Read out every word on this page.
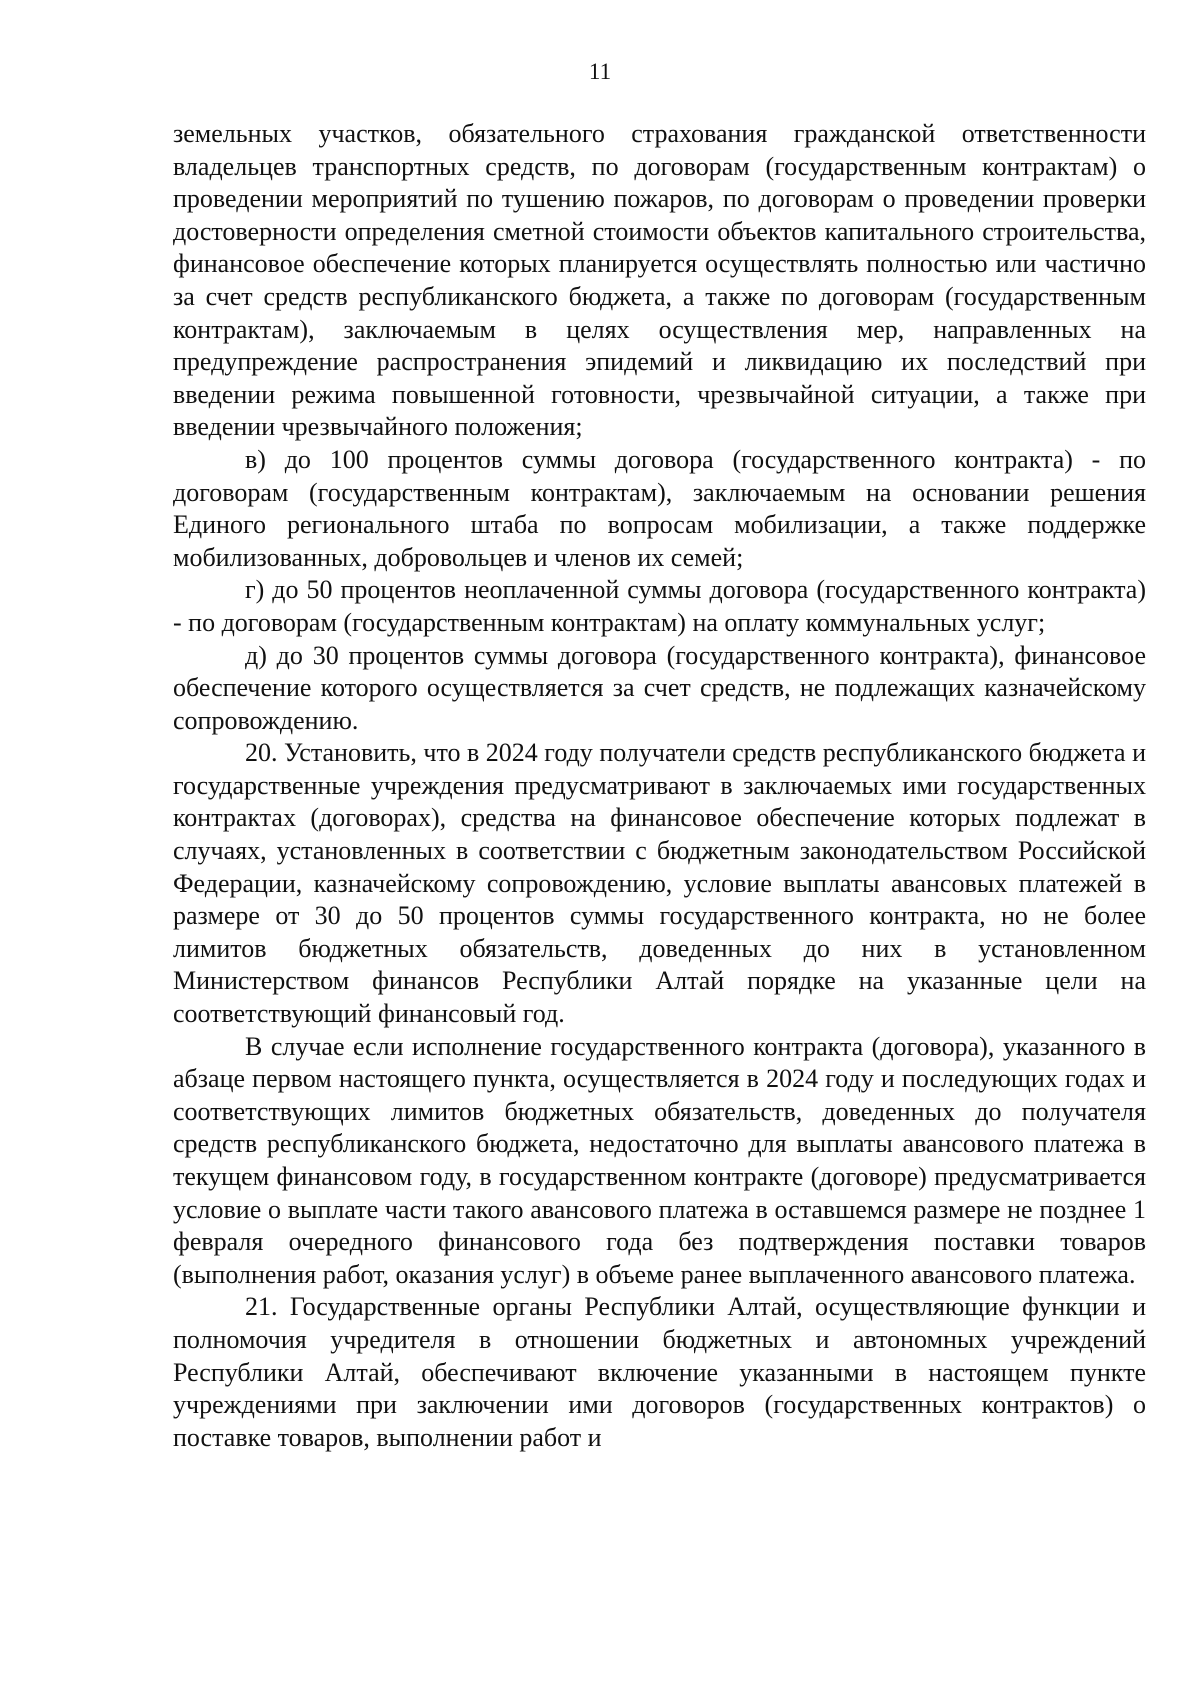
11

земельных участков, обязательного страхования гражданской ответственности владельцев транспортных средств, по договорам (государственным контрактам) о проведении мероприятий по тушению пожаров, по договорам о проведении проверки достоверности определения сметной стоимости объектов капитального строительства, финансовое обеспечение которых планируется осуществлять полностью или частично за счет средств республиканского бюджета, а также по договорам (государственным контрактам), заключаемым в целях осуществления мер, направленных на предупреждение распространения эпидемий и ликвидацию их последствий при введении режима повышенной готовности, чрезвычайной ситуации, а также при введении чрезвычайного положения;

в) до 100 процентов суммы договора (государственного контракта) - по договорам (государственным контрактам), заключаемым на основании решения Единого регионального штаба по вопросам мобилизации, а также поддержке мобилизованных, добровольцев и членов их семей;

г) до 50 процентов неоплаченной суммы договора (государственного контракта) - по договорам (государственным контрактам) на оплату коммунальных услуг;

д) до 30 процентов суммы договора (государственного контракта), финансовое обеспечение которого осуществляется за счет средств, не подлежащих казначейскому сопровождению.

20. Установить, что в 2024 году получатели средств республиканского бюджета и государственные учреждения предусматривают в заключаемых ими государственных контрактах (договорах), средства на финансовое обеспечение которых подлежат в случаях, установленных в соответствии с бюджетным законодательством Российской Федерации, казначейскому сопровождению, условие выплаты авансовых платежей в размере от 30 до 50 процентов суммы государственного контракта, но не более лимитов бюджетных обязательств, доведенных до них в установленном Министерством финансов Республики Алтай порядке на указанные цели на соответствующий финансовый год.

В случае если исполнение государственного контракта (договора), указанного в абзаце первом настоящего пункта, осуществляется в 2024 году и последующих годах и соответствующих лимитов бюджетных обязательств, доведенных до получателя средств республиканского бюджета, недостаточно для выплаты авансового платежа в текущем финансовом году, в государственном контракте (договоре) предусматривается условие о выплате части такого авансового платежа в оставшемся размере не позднее 1 февраля очередного финансового года без подтверждения поставки товаров (выполнения работ, оказания услуг) в объеме ранее выплаченного авансового платежа.

21. Государственные органы Республики Алтай, осуществляющие функции и полномочия учредителя в отношении бюджетных и автономных учреждений Республики Алтай, обеспечивают включение указанными в настоящем пункте учреждениями при заключении ими договоров (государственных контрактов) о поставке товаров, выполнении работ и
